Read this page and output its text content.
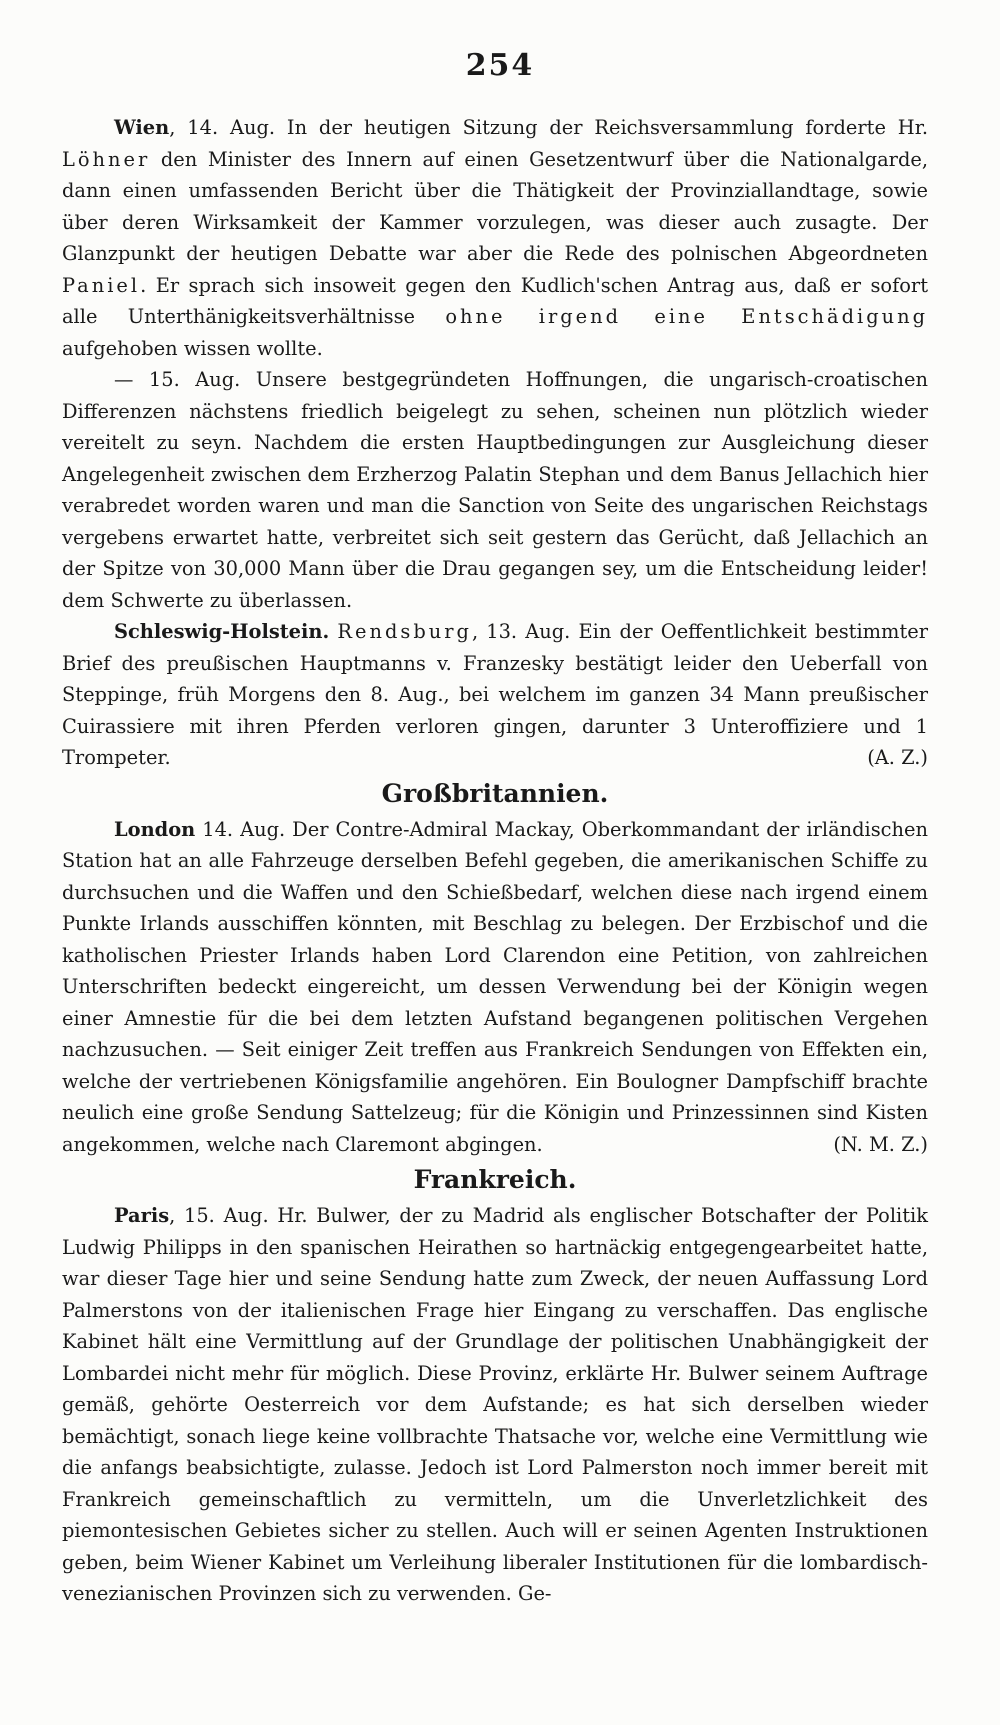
254

Wien, 14. Aug. In der heutigen Sitzung der Reichsversammlung forderte Hr. Löhner den Minister des Innern auf einen Gesetzentwurf über die Nationalgarde, dann einen umfassenden Bericht über die Thätigkeit der Provinziallandtage, sowie über deren Wirksamkeit der Kammer vorzulegen, was dieser auch zusagte. Der Glanzpunkt der heutigen Debatte war aber die Rede des polnischen Abgeordneten Paniel. Er sprach sich insoweit gegen den Kudlich'schen Antrag aus, daß er sofort alle Unterthänigkeitsverhältnisse ohne irgend eine Entschädigung aufgehoben wissen wollte.

— 15. Aug. Unsere bestgegründeten Hoffnungen, die ungarisch-croatischen Differenzen nächstens friedlich beigelegt zu sehen, scheinen nun plötzlich wieder vereitelt zu seyn. Nachdem die ersten Hauptbedingungen zur Ausgleichung dieser Angelegenheit zwischen dem Erzherzog Palatin Stephan und dem Banus Jellachich hier verabredet worden waren und man die Sanction von Seite des ungarischen Reichstags vergebens erwartet hatte, verbreitet sich seit gestern das Gerücht, daß Jellachich an der Spitze von 30,000 Mann über die Drau gegangen sey, um die Entscheidung leider! dem Schwerte zu überlassen.

Schleswig-Holstein. Rendsburg, 13. Aug. Ein der Oeffentlichkeit bestimmter Brief des preußischen Hauptmanns v. Franzesky bestätigt leider den Ueberfall von Steppinge, früh Morgens den 8. Aug., bei welchem im ganzen 34 Mann preußischer Cuirassiere mit ihren Pferden verloren gingen, darunter 3 Unteroffiziere und 1 Trompeter.	(A. Z.)

Großbritannien.

London 14. Aug. Der Contre-Admiral Mackay, Oberkommandant der irländischen Station hat an alle Fahrzeuge derselben Befehl gegeben, die amerikanischen Schiffe zu durchsuchen und die Waffen und den Schießbedarf, welchen diese nach irgend einem Punkte Irlands ausschiffen könnten, mit Beschlag zu belegen. Der Erzbischof und die katholischen Priester Irlands haben Lord Clarendon eine Petition, von zahlreichen Unterschriften bedeckt eingereicht, um dessen Verwendung bei der Königin wegen einer Amnestie für die bei dem letzten Aufstand begangenen politischen Vergehen nachzusuchen. — Seit einiger Zeit treffen aus Frankreich Sendungen von Effekten ein, welche der vertriebenen Königsfamilie angehören. Ein Boulogner Dampfschiff brachte neulich eine große Sendung Sattelzeug; für die Königin und Prinzessinnen sind Kisten angekommen, welche nach Claremont abgingen.	(N. M. Z.)

Frankreich.

Paris, 15. Aug. Hr. Bulwer, der zu Madrid als englischer Botschafter der Politik Ludwig Philipps in den spanischen Heirathen so hartnäckig entgegengearbeitet hatte, war dieser Tage hier und seine Sendung hatte zum Zweck, der neuen Auffassung Lord Palmerstons von der italienischen Frage hier Eingang zu verschaffen. Das englische Kabinet hält eine Vermittlung auf der Grundlage der politischen Unabhängigkeit der Lombardei nicht mehr für möglich. Diese Provinz, erklärte Hr. Bulwer seinem Auftrage gemäß, gehörte Oesterreich vor dem Aufstande; es hat sich derselben wieder bemächtigt, sonach liege keine vollbrachte Thatsache vor, welche eine Vermittlung wie die anfangs beabsichtigte, zulasse. Jedoch ist Lord Palmerston noch immer bereit mit Frankreich gemeinschaftlich zu vermitteln, um die Unverletzlichkeit des piemontesischen Gebietes sicher zu stellen. Auch will er seinen Agenten Instruktionen geben, beim Wiener Kabinet um Verleihung liberaler Institutionen für die lombardisch-venezianischen Provinzen sich zu verwenden. Ge-
